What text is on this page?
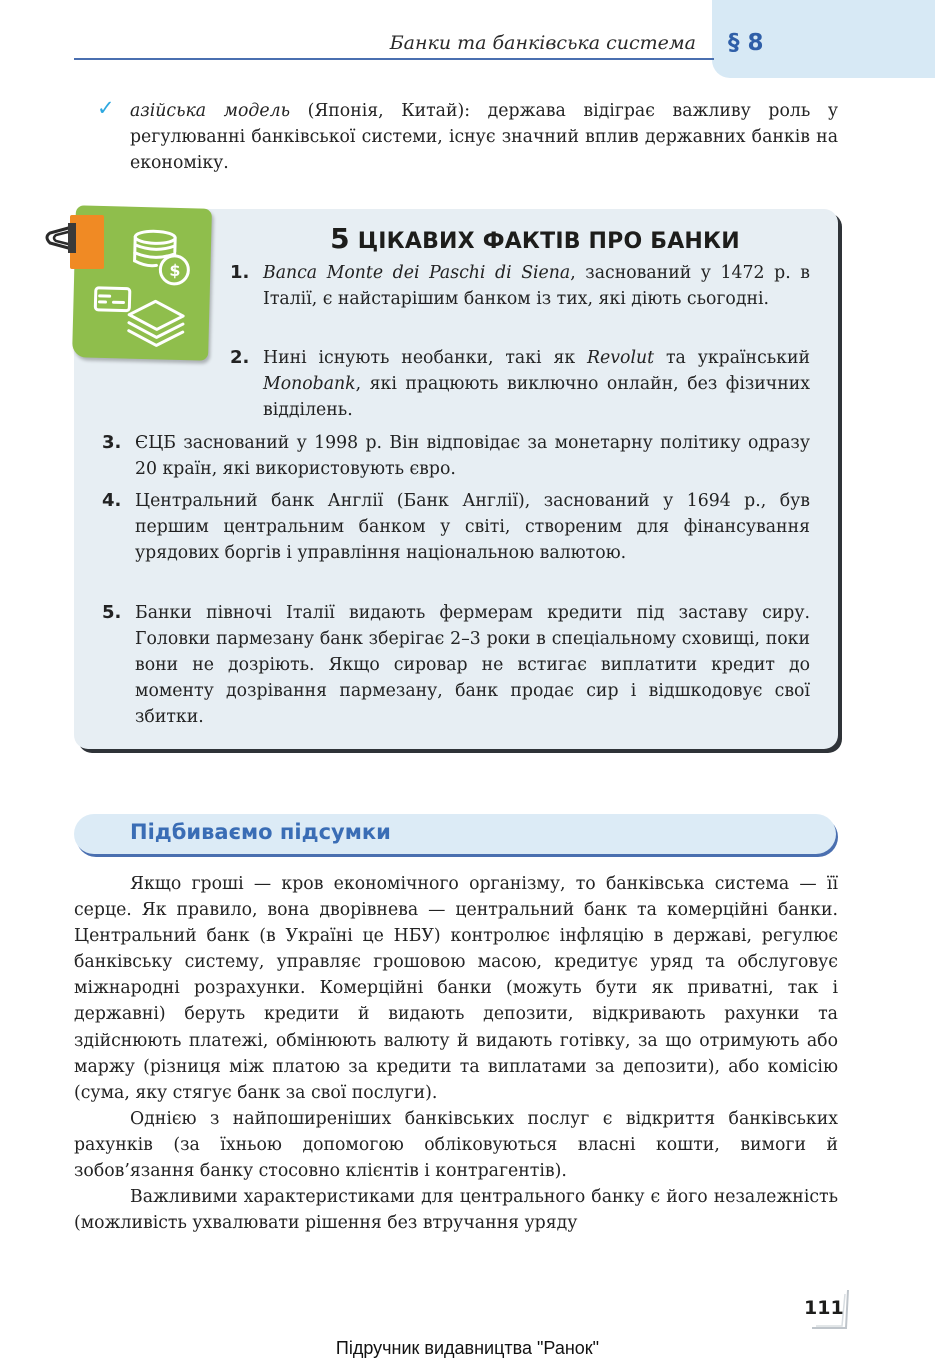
Банки та банківська система § 8
✓ азійська модель (Японія, Китай): держава відіграє важливу роль у регулюванні банківської системи, існує значний вплив державних банків на економіку.
$
5 ЦІКАВИХ ФАКТІВ ПРО БАНКИ
1. Banca Monte dei Paschi di Siena, заснований у 1472 р. в Італії, є найстарішим банком із тих, які діють сьогодні.
2. Нині існують необанки, такі як Revolut та український Monobank, які працюють виключно онлайн, без фізичних відділень.
3. ЄЦБ заснований у 1998 р. Він відповідає за монетарну політику одразу 20 країн, які використовують євро.
4. Центральний банк Англії (Банк Англії), заснований у 1694 р., був першим центральним банком у світі, створеним для фінансування урядових боргів і управління національною валютою.
5. Банки півночі Італії видають фермерам кредити під заставу сиру. Головки пармезану банк зберігає 2–3 роки в спеціальному сховищі, поки вони не дозріють. Якщо сировар не встигає виплатити кредит до моменту дозрівання пармезану, банк продає сир і відшкодовує свої збитки.
Підбиваємо підсумки

Якщо гроші — кров економічного організму, то банківська система — її серце. Як правило, вона дворівнева — центральний банк та комерційні банки. Центральний банк (в Україні це НБУ) контролює інфляцію в державі, регулює банківську систему, управляє грошовою масою, кредитує уряд та обслуговує міжнародні розрахунки. Комерційні банки (можуть бути як приватні, так і державні) беруть кредити й видають депозити, відкривають рахунки та здійснюють платежі, обмінюють валюту й видають готівку, за що отримують або маржу (різниця між платою за кредити та виплатами за депозити), або комісію (сума, яку стягує банк за свої послуги).

Однією з найпоширеніших банківських послуг є відкриття банківських рахунків (за їхньою допомогою обліковуються власні кошти, вимоги й зобов’язання банку стосовно клієнтів і контрагентів).

Важливими характеристиками для центрального банку є його незалежність (можливість ухвалювати рішення без втручання уряду

111
Підручник видавництва "Ранок"
